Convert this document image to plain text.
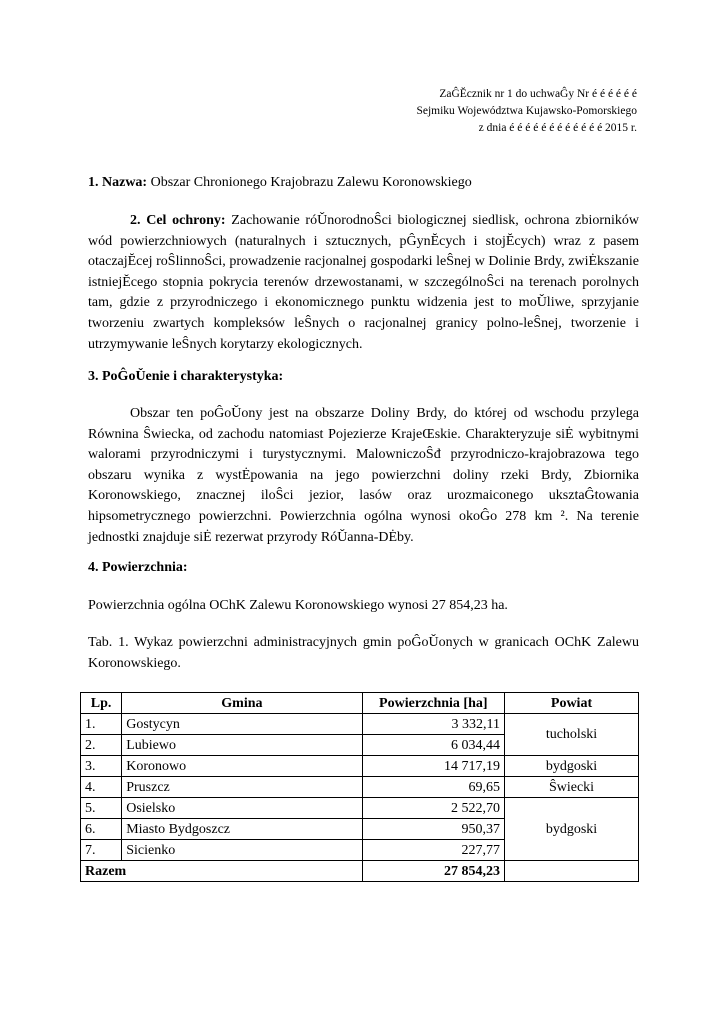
ZaĜĔcznik nr 1 do uchwaĜy Nr é é é é é é
Sejmiku Województwa Kujawsko-Pomorskiego
z dnia é é é é é é é é é é é é 2015 r.
1. Nazwa: Obszar Chronionego Krajobrazu Zalewu Koronowskiego
2. Cel ochrony: Zachowanie róǓnorodnoŜci biologicznej siedlisk, ochrona zbiorników wód powierzchniowych (naturalnych i sztucznych, pĜynĔcych i stojĔcych) wraz z pasem otaczajĔcej roŜlinnoŜci, prowadzenie racjonalnej gospodarki leŜnej w Dolinie Brdy, zwiĖkszanie istniejĔcego stopnia pokrycia terenów drzewostanami, w szczególnoŜci na terenach porolnych tam, gdzie z przyrodniczego i ekonomicznego punktu widzenia jest to moǓliwe, sprzyjanie tworzeniu zwartych kompleksów leŜnych o racjonalnej granicy polno-leŜnej, tworzenie i utrzymywanie leŜnych korytarzy ekologicznych.
3. PoĜoǓenie i charakterystyka:
Obszar ten poĜoǓony jest na obszarze Doliny Brdy, do której od wschodu przylega Równina Ŝwiecka, od zachodu natomiast Pojezierze KrajeŒskie. Charakteryzuje siĖ wybitnymi walorami przyrodniczymi i turystycznymi. MalowniczoŜđ przyrodniczo-krajobrazowa tego obszaru wynika z wystĖpowania na jego powierzchni doliny rzeki Brdy, Zbiornika Koronowskiego, znacznej iloŜci jezior, lasów oraz urozmaiconego uksztaĜtowania hipsometrycznego powierzchni. Powierzchnia ogólna wynosi okoĜo 278 km ². Na terenie jednostki znajduje siĖ rezerwat przyrody RóǓanna-DĖby.
4. Powierzchnia:
Powierzchnia ogólna OChK Zalewu Koronowskiego wynosi 27 854,23 ha.
Tab. 1. Wykaz powierzchni administracyjnych gmin poĜoǓonych w granicach OChK Zalewu Koronowskiego.
Lp.	Gmina	Powierzchnia [ha]	Powiat
1.	Gostycyn	3 332,11	tucholski
2.	Lubiewo	6 034,44	
3.	Koronowo	14 717,19	bydgoski
4.	Pruszcz	69,65	Ŝwiecki
5.	Osielsko	2 522,70	bydgoski
6.	Miasto Bydgoszcz	950,37	
7.	Sicienko	227,77	
Razem		27 854,23	
